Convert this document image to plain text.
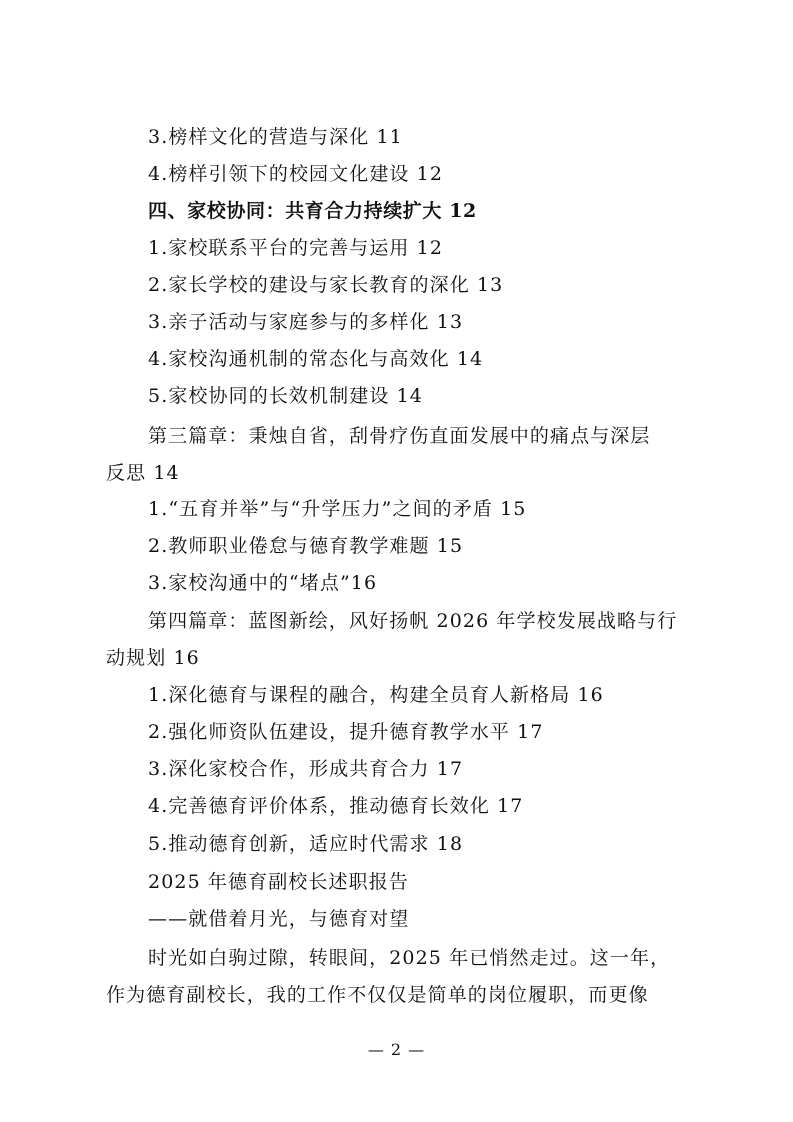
3.榜样文化的营造与深化 11
4.榜样引领下的校园文化建设 12
四、家校协同：共育合力持续扩大 12
1.家校联系平台的完善与运用 12
2.家长学校的建设与家长教育的深化 13
3.亲子活动与家庭参与的多样化 13
4.家校沟通机制的常态化与高效化 14
5.家校协同的长效机制建设 14
第三篇章：秉烛自省，刮骨疗伤直面发展中的痛点与深层
反思 14
1.“五育并举”与“升学压力”之间的矛盾 15
2.教师职业倦怠与德育教学难题 15
3.家校沟通中的“堵点”16
第四篇章：蓝图新绘，风好扬帆 2026 年学校发展战略与行
动规划 16
1.深化德育与课程的融合，构建全员育人新格局 16
2.强化师资队伍建设，提升德育教学水平 17
3.深化家校合作，形成共育合力 17
4.完善德育评价体系，推动德育长效化 17
5.推动德育创新，适应时代需求 18
2025 年德育副校长述职报告
——就借着月光，与德育对望
时光如白驹过隙，转眼间，2025 年已悄然走过。这一年，
作为德育副校长，我的工作不仅仅是简单的岗位履职，而更像
— 2 —
